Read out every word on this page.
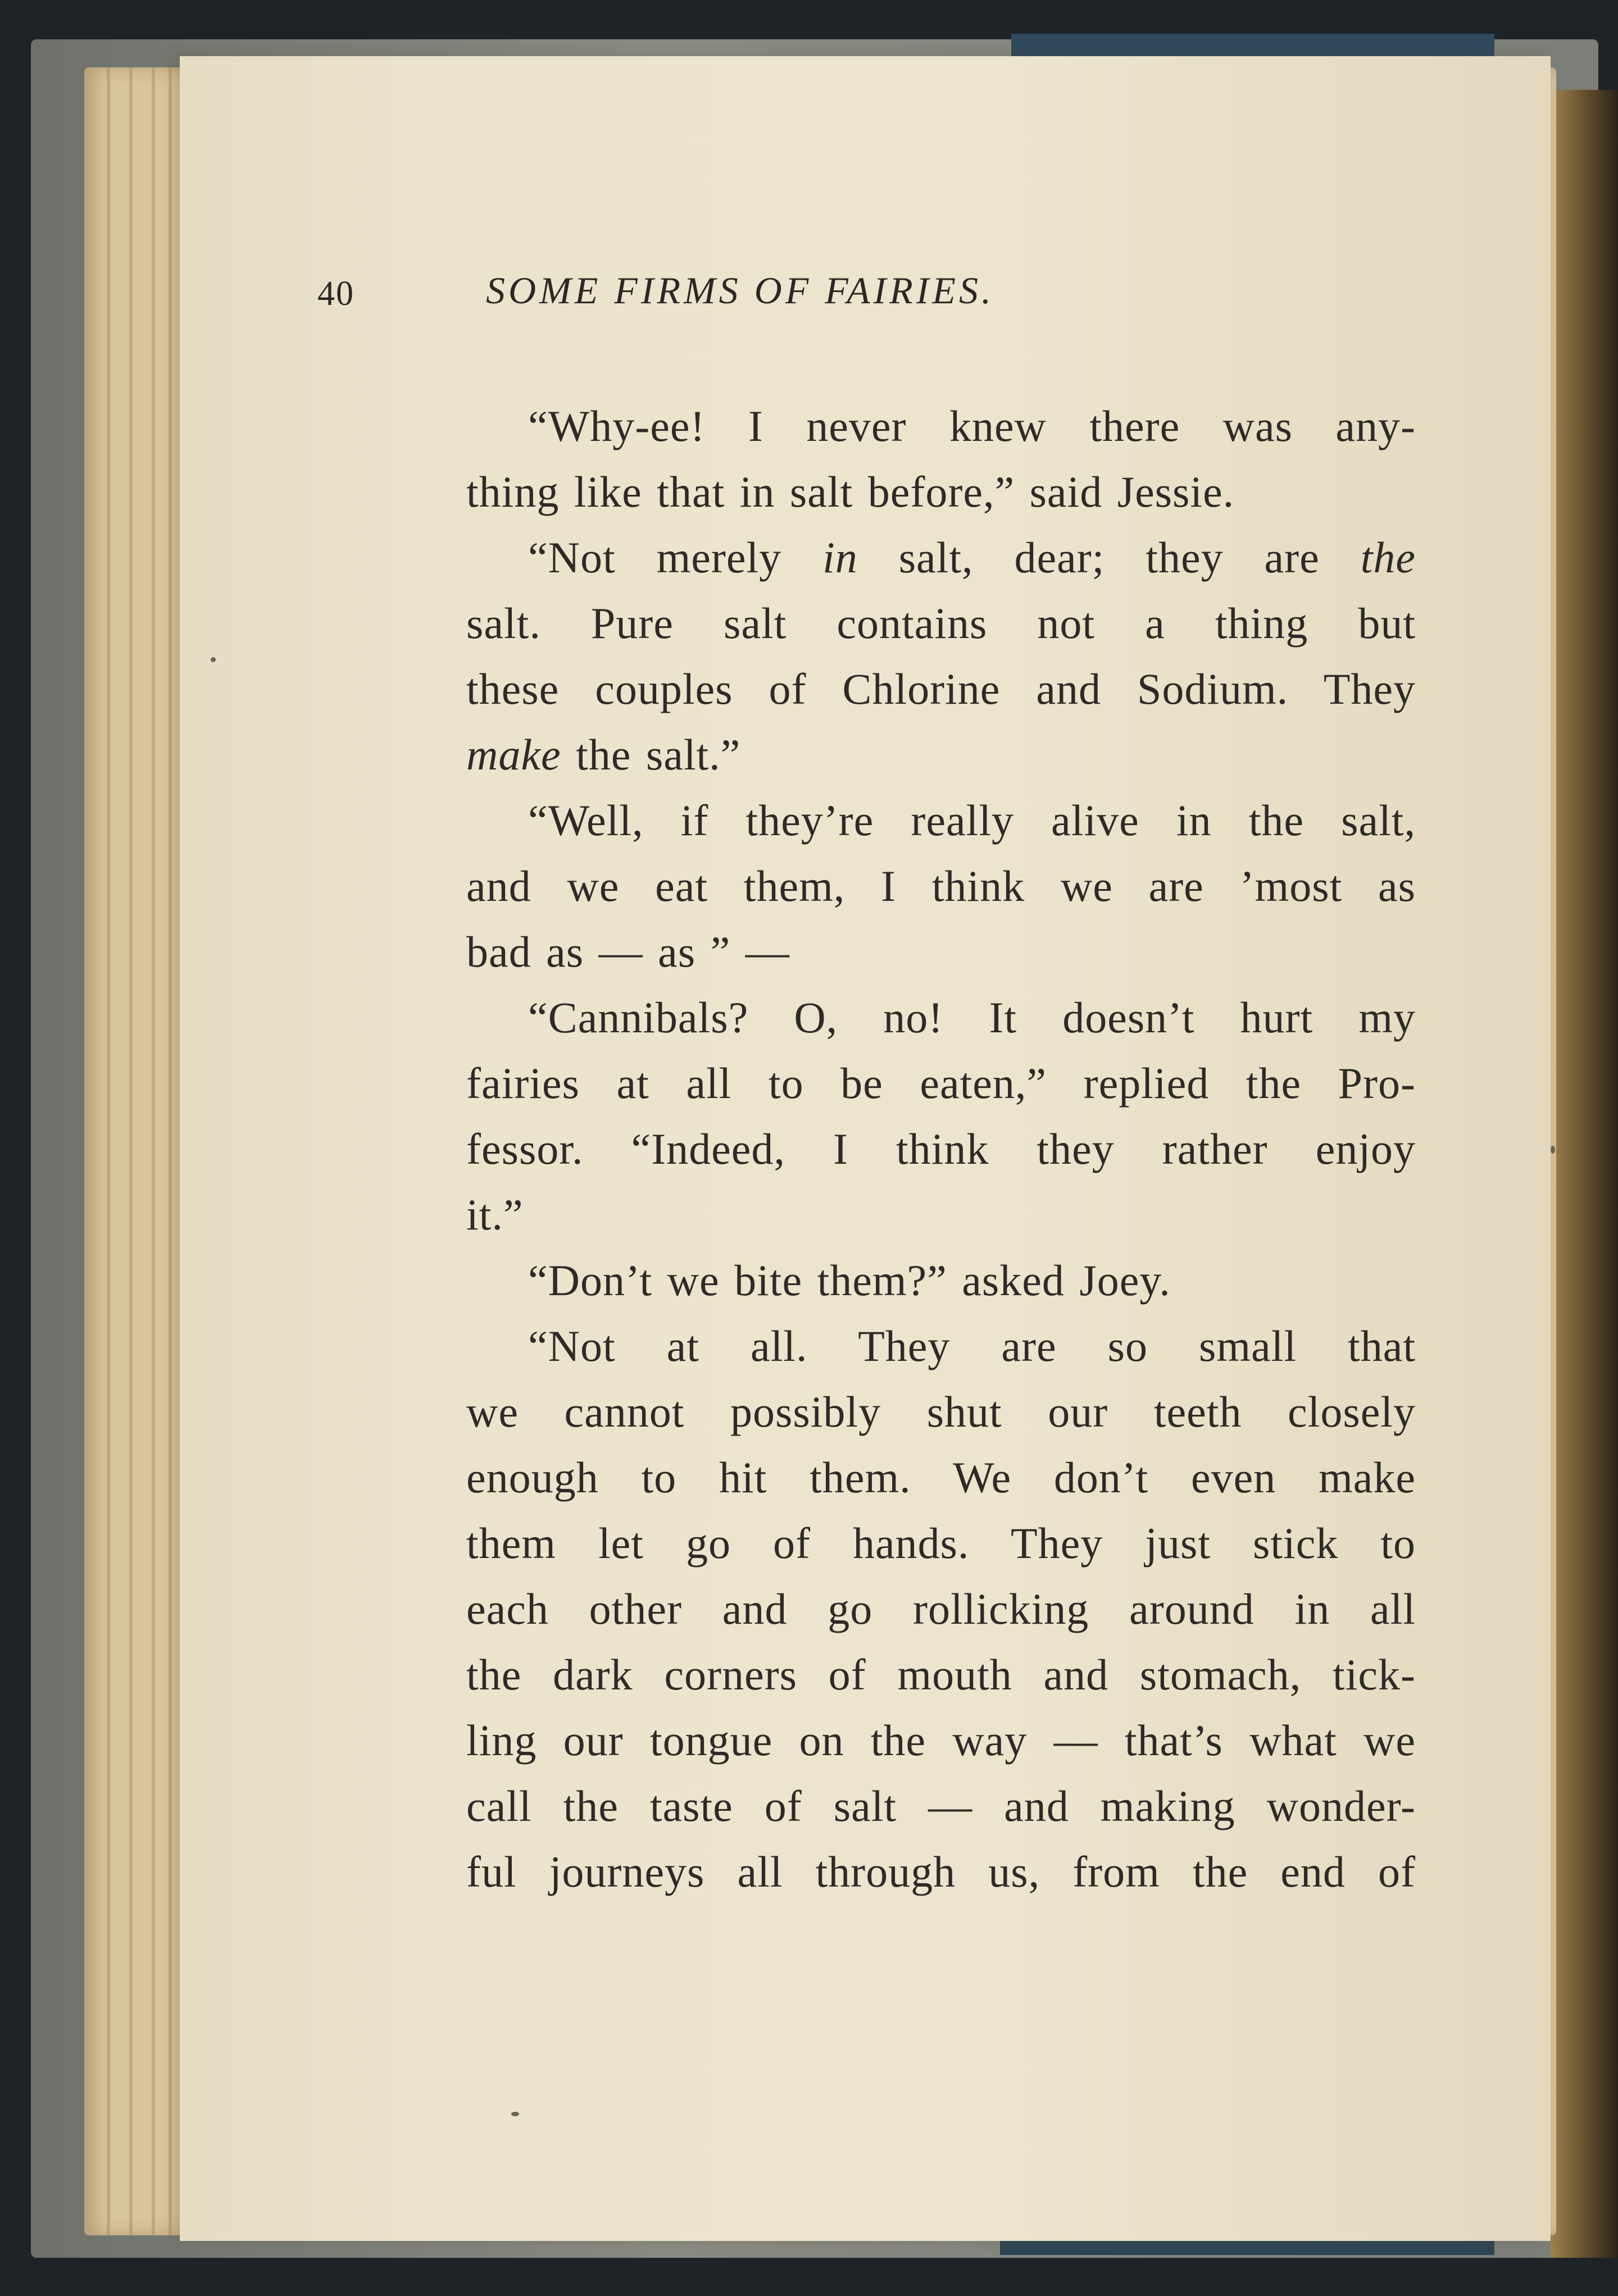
40	SOME FIRMS OF FAIRIES.
“Why-ee! I never knew there was any-
thing like that in salt before,” said Jessie.
“Not merely in salt, dear; they are the
salt. Pure salt contains not a thing but
these couples of Chlorine and Sodium. They
make the salt.”
“Well, if they’re really alive in the salt,
and we eat them, I think we are ’most as
bad as — as ” —
“Cannibals? O, no! It doesn’t hurt my
fairies at all to be eaten,” replied the Pro-
fessor. “Indeed, I think they rather enjoy
it.”
“Don’t we bite them?” asked Joey.
“Not at all. They are so small that
we cannot possibly shut our teeth closely
enough to hit them. We don’t even make
them let go of hands. They just stick to
each other and go rollicking around in all
the dark corners of mouth and stomach, tick-
ling our tongue on the way — that’s what we
call the taste of salt — and making wonder-
ful journeys all through us, from the end of
